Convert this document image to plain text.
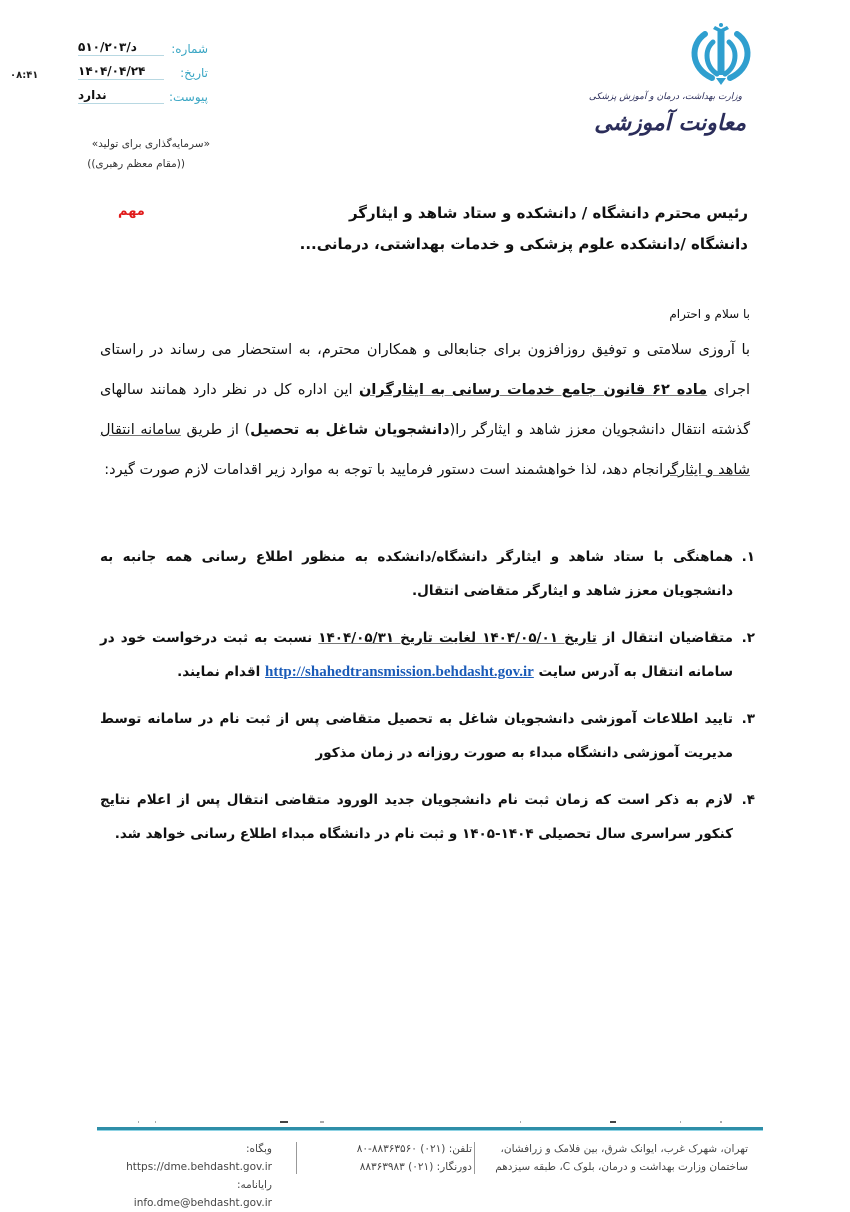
شماره:
د/۵۱۰/۲۰۳
تاریخ:
۱۴۰۴/۰۴/۲۴
پیوست:
ندارد
۰۸:۴۱
«سرمایه‌گذاری برای تولید»
((مقام معظم رهبری))
وزارت بهداشت، درمان و آموزش پزشکی
معاونت آموزشی
رئیس محترم دانشگاه / دانشکده و ستاد شاهد و ایثارگر
دانشگاه /دانشکده علوم پزشکی و خدمات بهداشتی، درمانی...
مهم
با سلام و احترام
با آروزی سلامتی و توفیق روزافزون برای جنابعالی و همکاران محترم، به استحضار می رساند در راستای اجرای ماده ۶۲ قانون جامع خدمات رسانی به ایثارگران این اداره کل در نظر دارد همانند سالهای گذشته انتقال دانشجویان معزز شاهد و ایثارگر را(دانشجویان شاغل به تحصیل) از طریق سامانه انتقال شاهد و ایثارگرانجام دهد، لذا خواهشمند است دستور فرمایید با توجه به موارد زیر اقدامات لازم صورت گیرد:
۱.
هماهنگی با ستاد شاهد و ایثارگر دانشگاه/دانشکده به منظور اطلاع رسانی همه جانبه به دانشجویان معزز شاهد و ایثارگر متقاضی انتقال.
۲.
متقاضیان انتقال از تاریخ ۱۴۰۴/۰۵/۰۱ لغایت تاریخ ۱۴۰۴/۰۵/۳۱ نسبت به ثبت درخواست خود در سامانه انتقال به آدرس سایت http://shahedtransmission.behdasht.gov.ir اقدام نمایند.
۳.
تایید اطلاعات آموزشی دانشجویان شاغل به تحصیل متقاضی پس از ثبت نام در سامانه توسط مدیریت آموزشی دانشگاه مبداء به صورت روزانه در زمان مذکور
۴.
لازم به ذکر است که زمان ثبت نام دانشجویان جدید الورود متقاضی انتقال پس از اعلام نتایج کنکور سراسری سال تحصیلی ۱۴۰۴-۱۴۰۵ و ثبت نام در دانشگاه مبداء اطلاع رسانی خواهد شد.
تهران، شهرک غرب، ایوانک شرق، بین فلامک و زرافشان،
ساختمان وزارت بهداشت و درمان، بلوک C، طبقه سیزدهم
تلفن: (۰۲۱) ۸۸۳۶۳۵۶۰-۸۰
دورنگار: (۰۲۱) ۸۸۳۶۳۹۸۳
وبگاه: https://dme.behdasht.gov.ir
رایانامه: info.dme@behdasht.gov.ir
